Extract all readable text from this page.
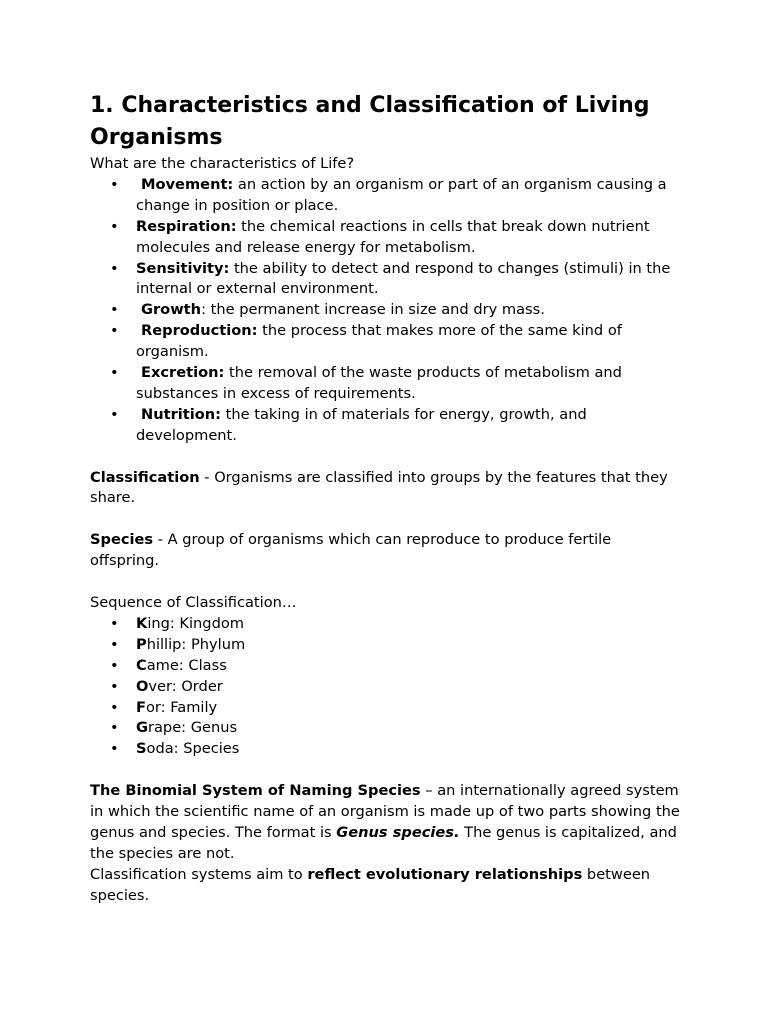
1. Characteristics and Classification of Living Organisms

What are the characteristics of Life?

• Movement: an action by an organism or part of an organism causing a change in position or place.
• Respiration: the chemical reactions in cells that break down nutrient molecules and release energy for metabolism.
• Sensitivity: the ability to detect and respond to changes (stimuli) in the internal or external environment.
• Growth: the permanent increase in size and dry mass.
• Reproduction: the process that makes more of the same kind of organism.
• Excretion: the removal of the waste products of metabolism and substances in excess of requirements.
• Nutrition: the taking in of materials for energy, growth, and development.

Classification - Organisms are classified into groups by the features that they share.

Species - A group of organisms which can reproduce to produce fertile offspring.

Sequence of Classification…

• King: Kingdom
• Phillip: Phylum
• Came: Class
• Over: Order
• For: Family
• Grape: Genus
• Soda: Species

The Binomial System of Naming Species – an internationally agreed system in which the scientific name of an organism is made up of two parts showing the genus and species. The format is Genus species. The genus is capitalized, and the species are not.

Classification systems aim to reflect evolutionary relationships between species.
